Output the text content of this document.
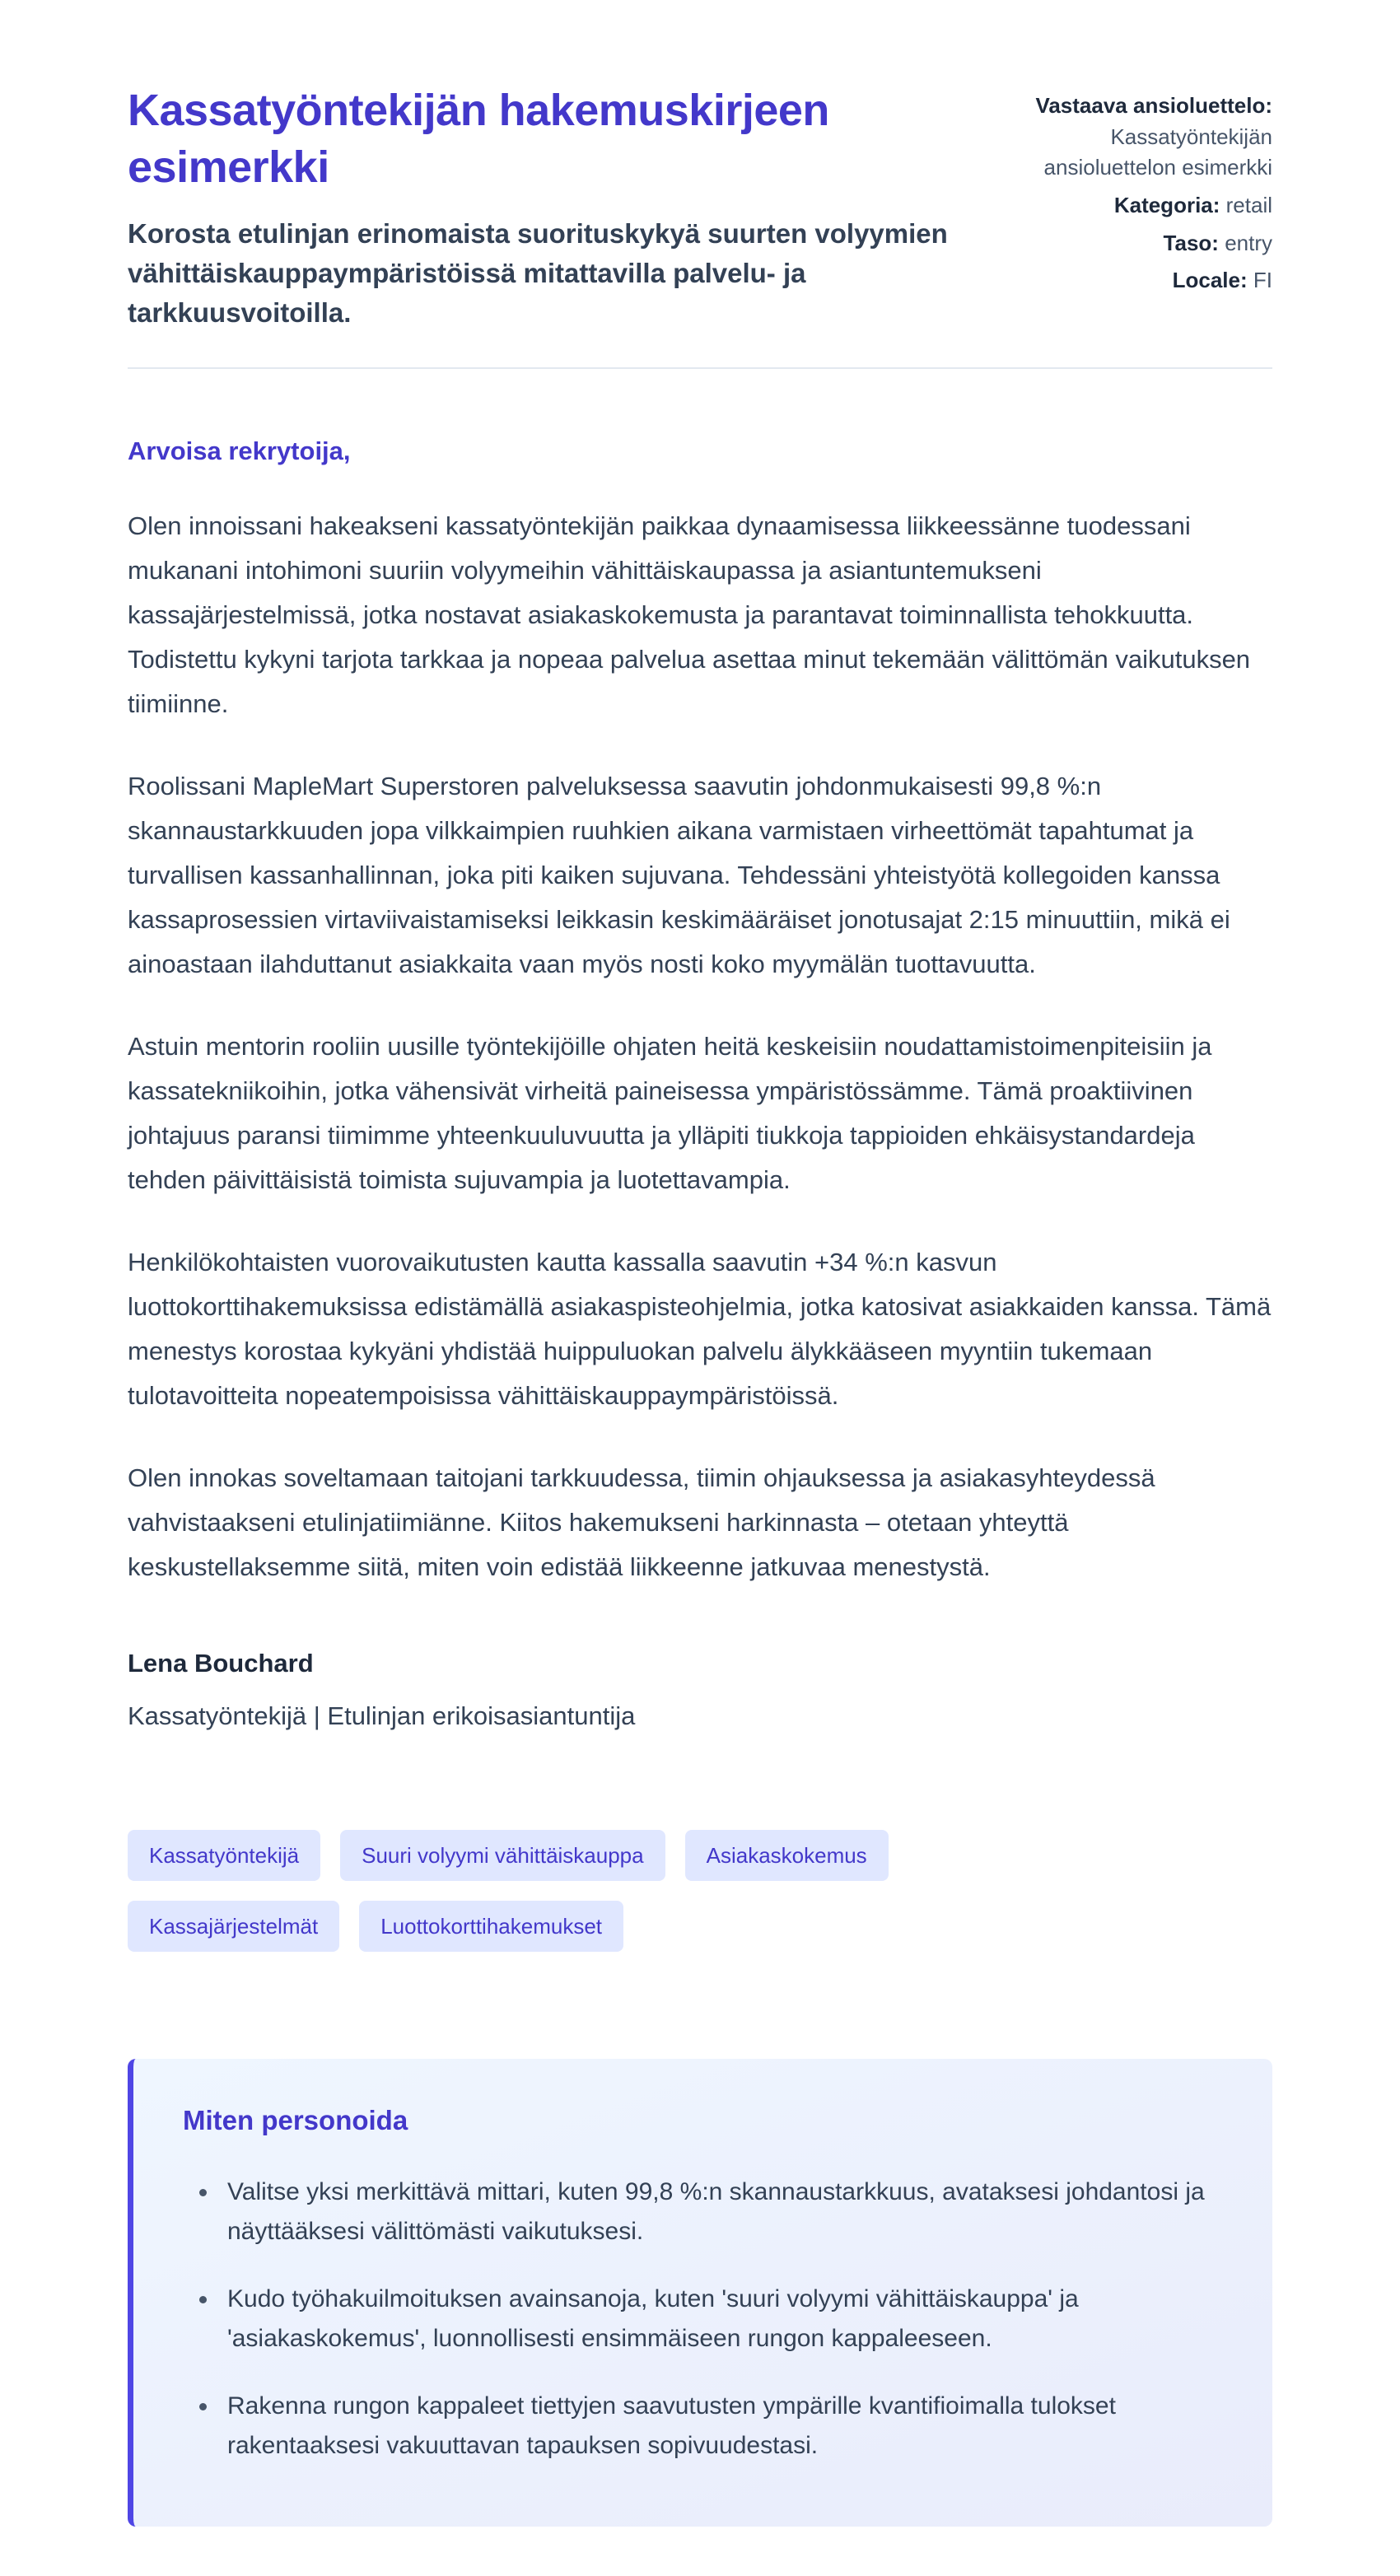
Kassatyöntekijän hakemuskirjeen esimerkki

Korosta etulinjan erinomaista suorituskykyä suurten volyymien vähittäiskauppaympäristöissä mitattavilla palvelu- ja tarkkuusvoitoilla.

Vastaava ansioluettelo: Kassatyöntekijän ansioluettelon esimerkki

Kategoria: retail

Taso: entry

Locale: FI

Arvoisa rekrytoija,

Olen innoissani hakeakseni kassatyöntekijän paikkaa dynaamisessa liikkeessänne tuodessani mukanani intohimoni suuriin volyymeihin vähittäiskaupassa ja asiantuntemukseni kassajärjestelmissä, jotka nostavat asiakaskokemusta ja parantavat toiminnallista tehokkuutta. Todistettu kykyni tarjota tarkkaa ja nopeaa palvelua asettaa minut tekemään välittömän vaikutuksen tiimiinne.

Roolissani MapleMart Superstoren palveluksessa saavutin johdonmukaisesti 99,8 %:n skannaustarkkuuden jopa vilkkaimpien ruuhkien aikana varmistaen virheettömät tapahtumat ja turvallisen kassanhallinnan, joka piti kaiken sujuvana. Tehdessäni yhteistyötä kollegoiden kanssa kassaprosessien virtaviivaistamiseksi leikkasin keskimääräiset jonotusajat 2:15 minuuttiin, mikä ei ainoastaan ilahduttanut asiakkaita vaan myös nosti koko myymälän tuottavuutta.

Astuin mentorin rooliin uusille työntekijöille ohjaten heitä keskeisiin noudattamistoimenpiteisiin ja kassatekniikoihin, jotka vähensivät virheitä paineisessa ympäristössämme. Tämä proaktiivinen johtajuus paransi tiimimme yhteenkuuluvuutta ja ylläpiti tiukkoja tappioiden ehkäisystandardeja tehden päivittäisistä toimista sujuvampia ja luotettavampia.

Henkilökohtaisten vuorovaikutusten kautta kassalla saavutin +34 %:n kasvun luottokorttihakemuksissa edistämällä asiakaspisteohjelmia, jotka katosivat asiakkaiden kanssa. Tämä menestys korostaa kykyäni yhdistää huippuluokan palvelu älykkääseen myyntiin tukemaan tulotavoitteita nopeatempoisissa vähittäiskauppaympäristöissä.

Olen innokas soveltamaan taitojani tarkkuudessa, tiimin ohjauksessa ja asiakasyhteydessä vahvistaakseni etulinjatiimiänne. Kiitos hakemukseni harkinnasta – otetaan yhteyttä keskustellaksemme siitä, miten voin edistää liikkeenne jatkuvaa menestystä.

Lena Bouchard

Kassatyöntekijä | Etulinjan erikoisasiantuntija

Kassatyöntekijä	Suuri volyymi vähittäiskauppa	Asiakaskokemus
Kassajärjestelmät	Luottokorttihakemukset
Miten personoida
• Valitse yksi merkittävä mittari, kuten 99,8 %:n skannaustarkkuus, avataksesi johdantosi ja näyttääksesi välittömästi vaikutuksesi.
• Kudo työhakuilmoituksen avainsanoja, kuten 'suuri volyymi vähittäiskauppa' ja 'asiakaskokemus', luonnollisesti ensimmäiseen rungon kappaleeseen.
• Rakenna rungon kappaleet tiettyjen saavutusten ympärille kvantifioimalla tulokset rakentaaksesi vakuuttavan tapauksen sopivuudestasi.
